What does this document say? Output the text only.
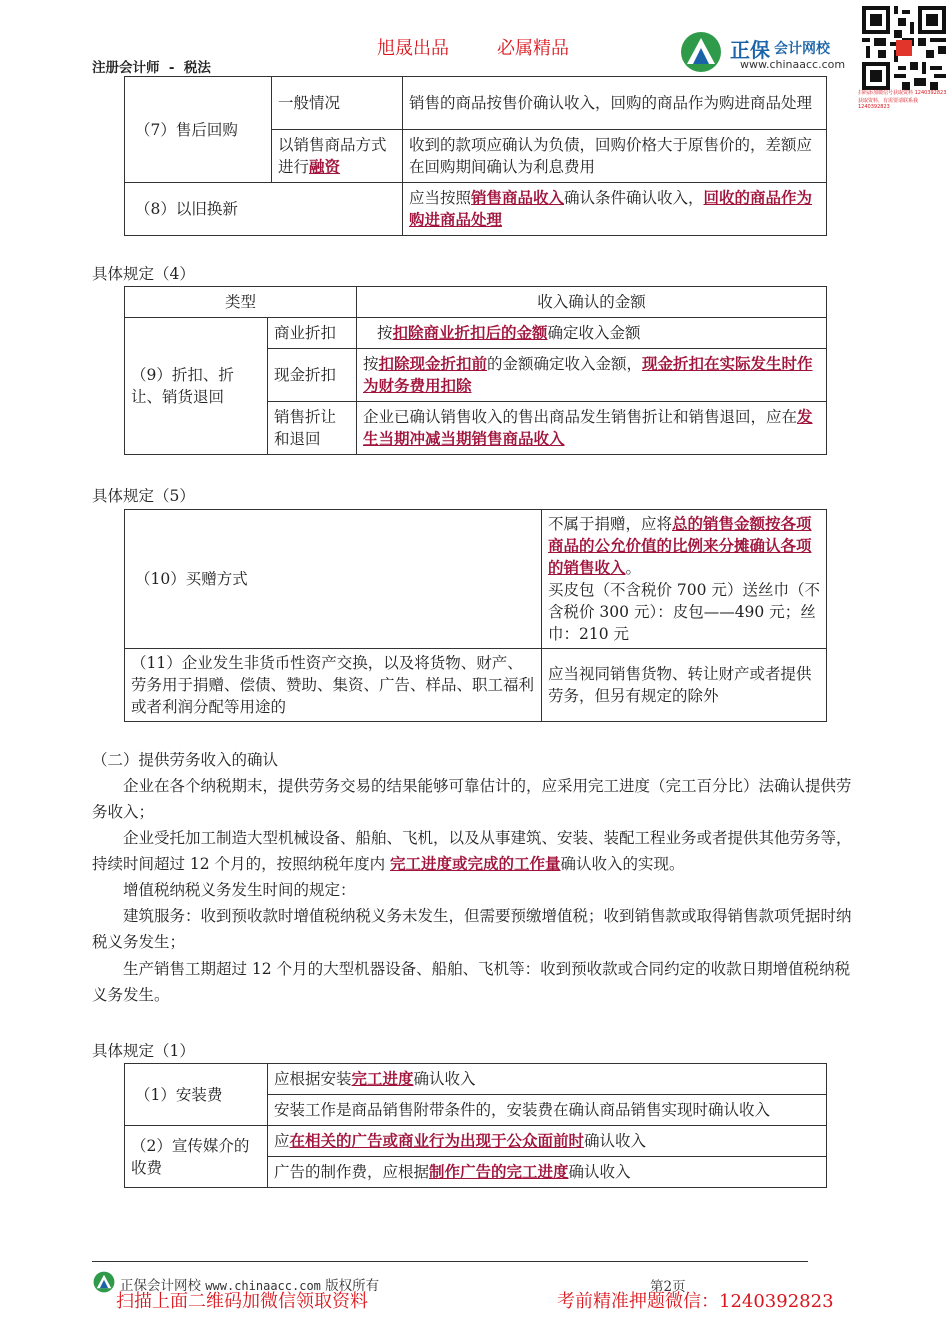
旭晟出品	必属精品
注册会计师 - 税法
正保 会计网校
www.chinaacc.com
扫码添加微信号获取资料 1240392823
获取资料，有需要请联系我 1240392823
（7）售后回购	一般情况	销售的商品按售价确认收入，回购的商品作为购进商品处理
	以销售商品方式进行融资	收到的款项应确认为负债，回购价格大于原售价的，差额应在回购期间确认为利息费用
（8）以旧换新		应当按照销售商品收入确认条件确认收入，回收的商品作为购进商品处理
具体规定（4）
类型		收入确认的金额
（9）折扣、折让、销货退回	商业折扣	按扣除商业折扣后的金额确定收入金额
	现金折扣	按扣除现金折扣前的金额确定收入金额，现金折扣在实际发生时作为财务费用扣除
	销售折让和退回	企业已确认销售收入的售出商品发生销售折让和销售退回，应在发生当期冲减当期销售商品收入
具体规定（5）
（10）买赠方式	不属于捐赠，应将总的销售金额按各项商品的公允价值的比例来分摊确认各项的销售收入。
买皮包（不含税价 700 元）送丝巾（不含税价 300 元）：皮包——490 元；丝巾：210 元
（11）企业发生非货币性资产交换，以及将货物、财产、劳务用于捐赠、偿债、赞助、集资、广告、样品、职工福利或者利润分配等用途的	应当视同销售货物、转让财产或者提供劳务，但另有规定的除外
（二）提供劳务收入的确认
企业在各个纳税期末，提供劳务交易的结果能够可靠估计的，应采用完工进度（完工百分比）法确认提供劳务收入；
企业受托加工制造大型机械设备、船舶、飞机，以及从事建筑、安装、装配工程业务或者提供其他劳务等，持续时间超过 12 个月的，按照纳税年度内 完工进度或完成的工作量确认收入的实现。
增值税纳税义务发生时间的规定：
建筑服务：收到预收款时增值税纳税义务未发生，但需要预缴增值税；收到销售款或取得销售款项凭据时纳税义务发生；
生产销售工期超过 12 个月的大型机器设备、船舶、飞机等：收到预收款或合同约定的收款日期增值税纳税义务发生。
具体规定（1）
（1）安装费	应根据安装完工进度确认收入
	安装工作是商品销售附带条件的，安装费在确认商品销售实现时确认收入
（2）宣传媒介的收费	应在相关的广告或商业行为出现于公众面前时确认收入
	广告的制作费，应根据制作广告的完工进度确认收入
正保会计网校 www.chinaacc.com 版权所有	第2页
扫描上面二维码加微信领取资料	考前精准押题微信：1240392823
